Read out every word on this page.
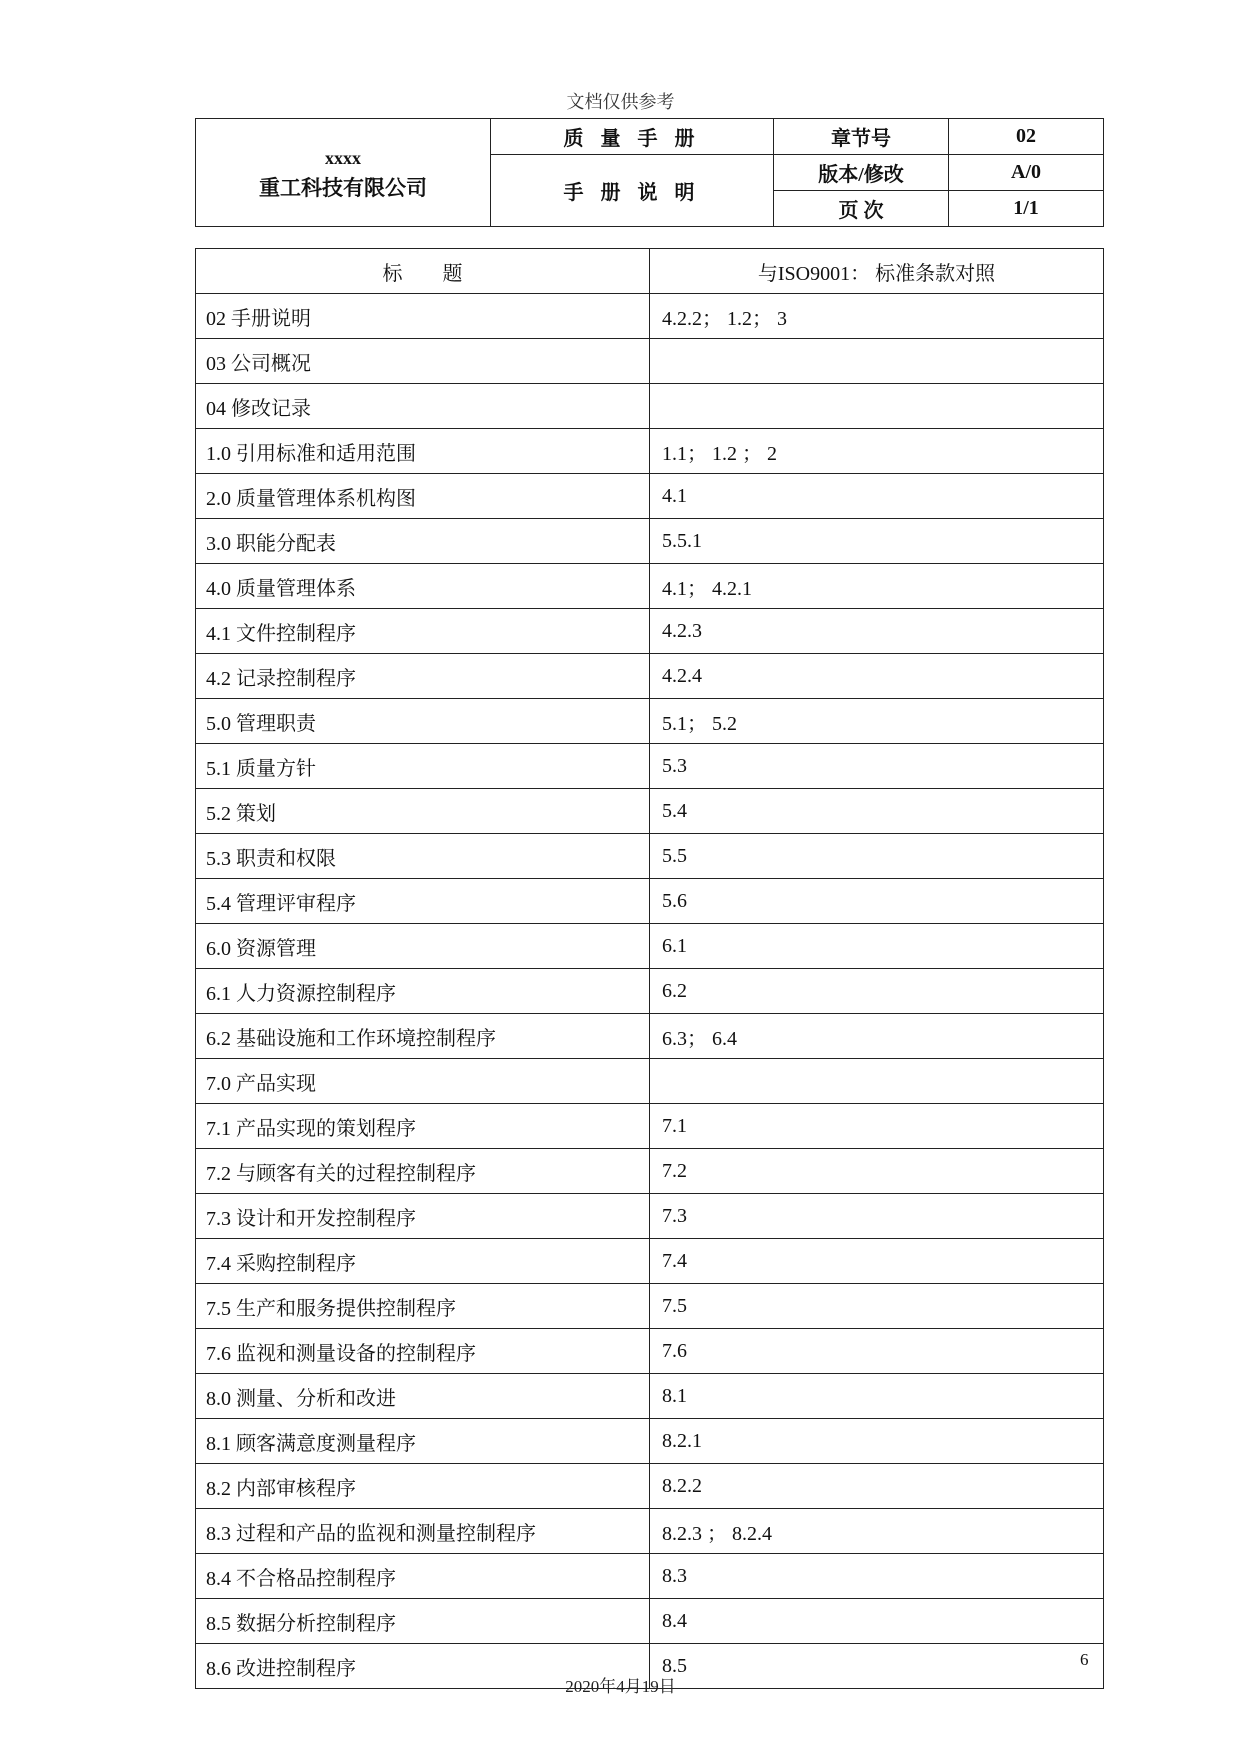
文档仅供参考
xxxx
重工科技有限公司	质 量 手 册	章节号	02
	手 册 说 明	版本/修改	A/0
		页 次	1/1
标　　题	与ISO9001： 标准条款对照
02 手册说明	4.2.2； 1.2； 3
03 公司概况	
04 修改记录	
1.0 引用标准和适用范围	1.1； 1.2 ； 2
2.0 质量管理体系机构图	4.1
3.0 职能分配表	5.5.1
4.0 质量管理体系	4.1； 4.2.1
4.1 文件控制程序	4.2.3
4.2 记录控制程序	4.2.4
5.0 管理职责	5.1； 5.2
5.1 质量方针	5.3
5.2 策划	5.4
5.3 职责和权限	5.5
5.4 管理评审程序	5.6
6.0 资源管理	6.1
6.1 人力资源控制程序	6.2
6.2 基础设施和工作环境控制程序	6.3； 6.4
7.0 产品实现	
7.1 产品实现的策划程序	7.1
7.2 与顾客有关的过程控制程序	7.2
7.3 设计和开发控制程序	7.3
7.4 采购控制程序	7.4
7.5 生产和服务提供控制程序	7.5
7.6 监视和测量设备的控制程序	7.6
8.0 测量、分析和改进	8.1
8.1 顾客满意度测量程序	8.2.1
8.2 内部审核程序	8.2.2
8.3 过程和产品的监视和测量控制程序	8.2.3 ； 8.2.4
8.4 不合格品控制程序	8.3
8.5 数据分析控制程序	8.4
8.6 改进控制程序	8.5	6
2020年4月19日
